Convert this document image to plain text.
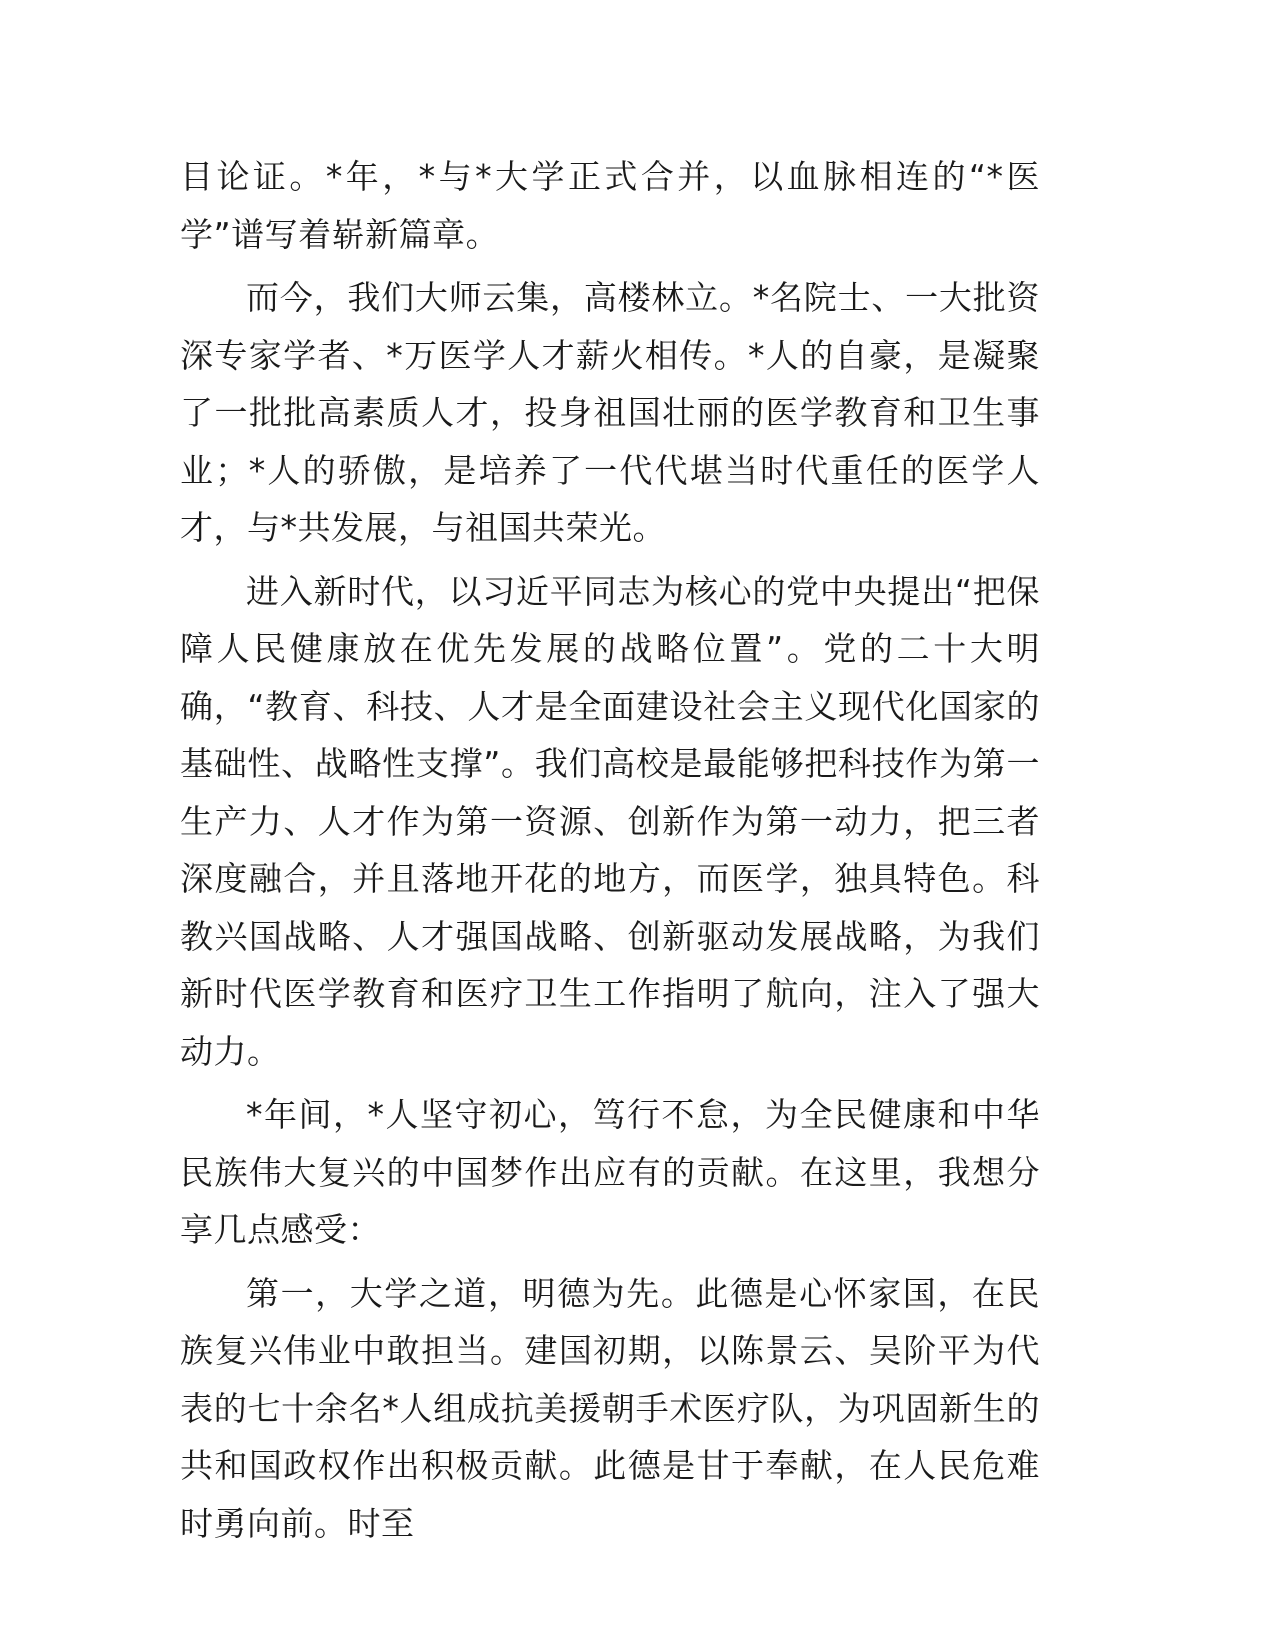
目论证。*年，*与*大学正式合并，以血脉相连的“*医学”谱写着崭新篇章。

而今，我们大师云集，高楼林立。*名院士、一大批资深专家学者、*万医学人才薪火相传。*人的自豪，是凝聚了一批批高素质人才，投身祖国壮丽的医学教育和卫生事业；*人的骄傲，是培养了一代代堪当时代重任的医学人才，与*共发展，与祖国共荣光。

进入新时代，以习近平同志为核心的党中央提出“把保障人民健康放在优先发展的战略位置”。党的二十大明确，“教育、科技、人才是全面建设社会主义现代化国家的基础性、战略性支撑”。我们高校是最能够把科技作为第一生产力、人才作为第一资源、创新作为第一动力，把三者深度融合，并且落地开花的地方，而医学，独具特色。科教兴国战略、人才强国战略、创新驱动发展战略，为我们新时代医学教育和医疗卫生工作指明了航向，注入了强大动力。

*年间，*人坚守初心，笃行不怠，为全民健康和中华民族伟大复兴的中国梦作出应有的贡献。在这里，我想分享几点感受：

第一，大学之道，明德为先。此德是心怀家国，在民族复兴伟业中敢担当。建国初期，以陈景云、吴阶平为代表的七十余名*人组成抗美援朝手术医疗队，为巩固新生的共和国政权作出积极贡献。此德是甘于奉献，在人民危难时勇向前。时至
